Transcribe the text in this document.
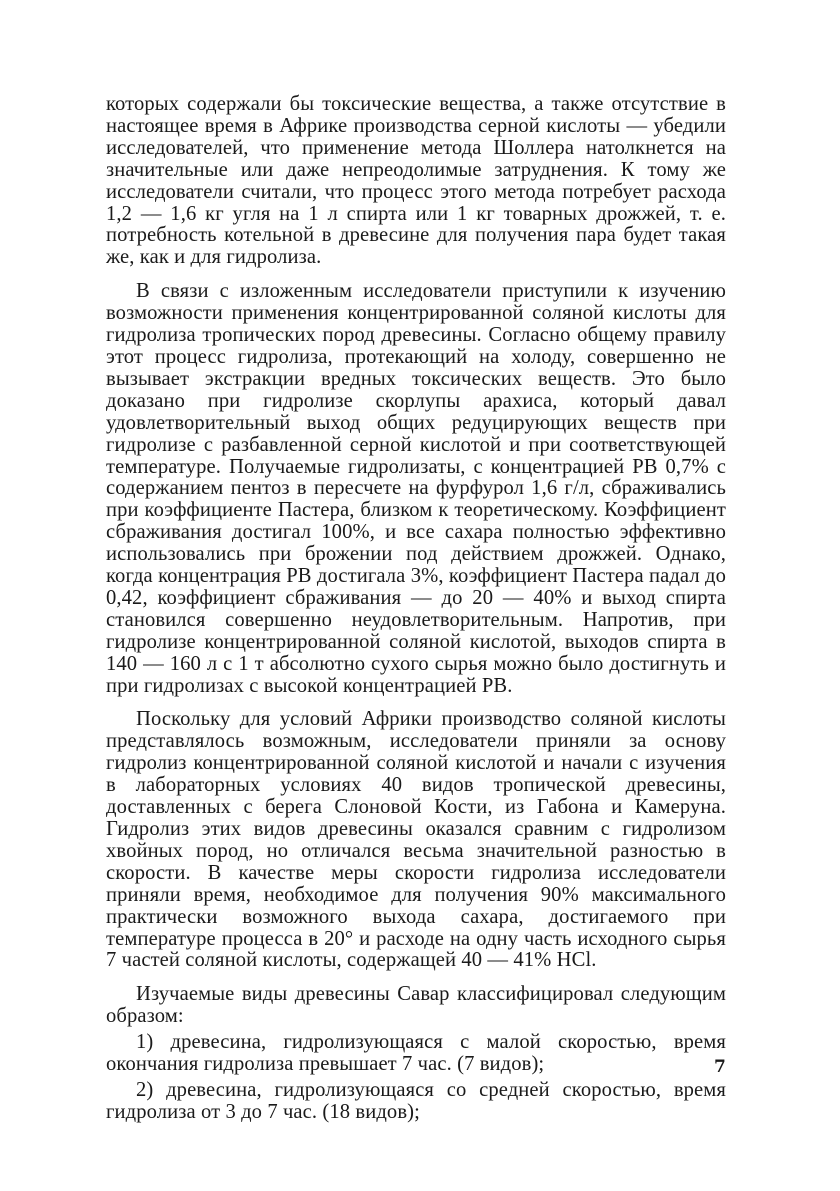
которых содержали бы токсические вещества, а также отсутствие в настоящее время в Африке производства серной кислоты — убедили исследователей, что применение метода Шоллера натолкнется на значительные или даже непреодолимые затруднения. К тому же исследователи считали, что процесс этого метода потребует расхода 1,2 — 1,6 кг угля на 1 л спирта или 1 кг товарных дрожжей, т. е. потребность котельной в древесине для получения пара будет такая же, как и для гидролиза.

В связи с изложенным исследователи приступили к изучению возможности применения концентрированной соляной кислоты для гидролиза тропических пород древесины. Согласно общему правилу этот процесс гидролиза, протекающий на холоду, совершенно не вызывает экстракции вредных токсических веществ. Это было доказано при гидролизе скорлупы арахиса, который давал удовлетворительный выход общих редуцирующих веществ при гидролизе с разбавленной серной кислотой и при соответствующей температуре. Получаемые гидролизаты, с концентрацией РВ 0,7% с содержанием пентоз в пересчете на фурфурол 1,6 г/л, сбраживались при коэффициенте Пастера, близком к теоретическому. Коэффициент сбраживания достигал 100%, и все сахара полностью эффективно использовались при брожении под действием дрожжей. Однако, когда концентрация РВ достигала 3%, коэффициент Пастера падал до 0,42, коэффициент сбраживания — до 20 — 40% и выход спирта становился совершенно неудовлетворительным. Напротив, при гидролизе концентрированной соляной кислотой, выходов спирта в 140 — 160 л с 1 т абсолютно сухого сырья можно было достигнуть и при гидролизах с высокой концентрацией РВ.

Поскольку для условий Африки производство соляной кислоты представлялось возможным, исследователи приняли за основу гидролиз концентрированной соляной кислотой и начали с изучения в лабораторных условиях 40 видов тропической древесины, доставленных с берега Слоновой Кости, из Габона и Камеруна. Гидролиз этих видов древесины оказался сравним с гидролизом хвойных пород, но отличался весьма значительной разностью в скорости. В качестве меры скорости гидролиза исследователи приняли время, необходимое для получения 90% максимального практически возможного выхода сахара, достигаемого при температуре процесса в 20° и расходе на одну часть исходного сырья 7 частей соляной кислоты, содержащей 40 — 41% HCl.

Изучаемые виды древесины Савар классифицировал следующим образом:

1) древесина, гидролизующаяся с малой скоростью, время окончания гидролиза превышает 7 час. (7 видов);

2) древесина, гидролизующаяся со средней скоростью, время гидролиза от 3 до 7 час. (18 видов);

7
